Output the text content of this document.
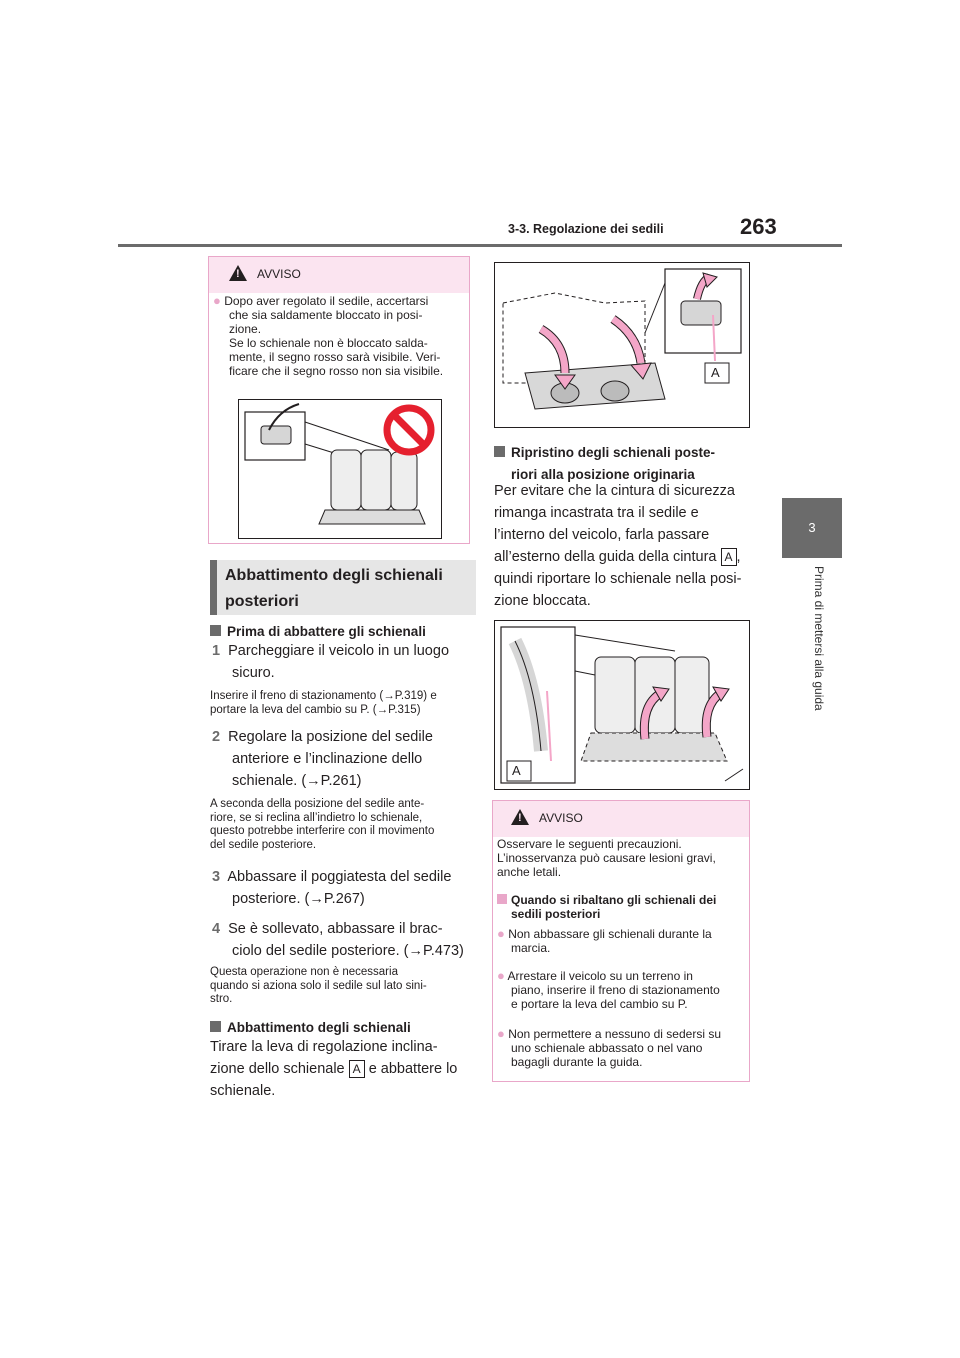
3-3. Regolazione dei sedili	263
3
Prima di mettersi alla guida
!
AVVISO
● Dopo aver regolato il sedile, accertarsi
che sia saldamente bloccato in posi-
zione.
Se lo schienale non è bloccato salda-
mente, il segno rosso sarà visibile. Veri-
ficare che il segno rosso non sia visibile.
Abbattimento degli schienali
posteriori
Prima di abbattere gli schienali
1 Parcheggiare il veicolo in un luogo
sicuro.
Inserire il freno di stazionamento (→P.319) e
portare la leva del cambio su P. (→P.315)
2 Regolare la posizione del sedile
anteriore e l’inclinazione dello
schienale. (→P.261)
A seconda della posizione del sedile ante-
riore, se si reclina all’indietro lo schienale,
questo potrebbe interferire con il movimento
del sedile posteriore.
3 Abbassare il poggiatesta del sedile
posteriore. (→P.267)
4 Se è sollevato, abbassare il brac-
ciolo del sedile posteriore. (→P.473)
Questa operazione non è necessaria
quando si aziona solo il sedile sul lato sini-
stro.
Abbattimento degli schienali
Tirare la leva di regolazione inclina-
zione dello schienale A e abbattere lo
schienale.
A
Ripristino degli schienali poste-
riori alla posizione originaria
Per evitare che la cintura di sicurezza
rimanga incastrata tra il sedile e
l’interno del veicolo, farla passare
all’esterno della guida della cintura A ,
quindi riportare lo schienale nella posi-
zione bloccata.
A
!
AVVISO
Osservare le seguenti precauzioni.
L’inosservanza può causare lesioni gravi,
anche letali.
Quando si ribaltano gli schienali dei
sedili posteriori
● Non abbassare gli schienali durante la
marcia.
● Arrestare il veicolo su un terreno in
piano, inserire il freno di stazionamento
e portare la leva del cambio su P.
● Non permettere a nessuno di sedersi su
uno schienale abbassato o nel vano
bagagli durante la guida.
